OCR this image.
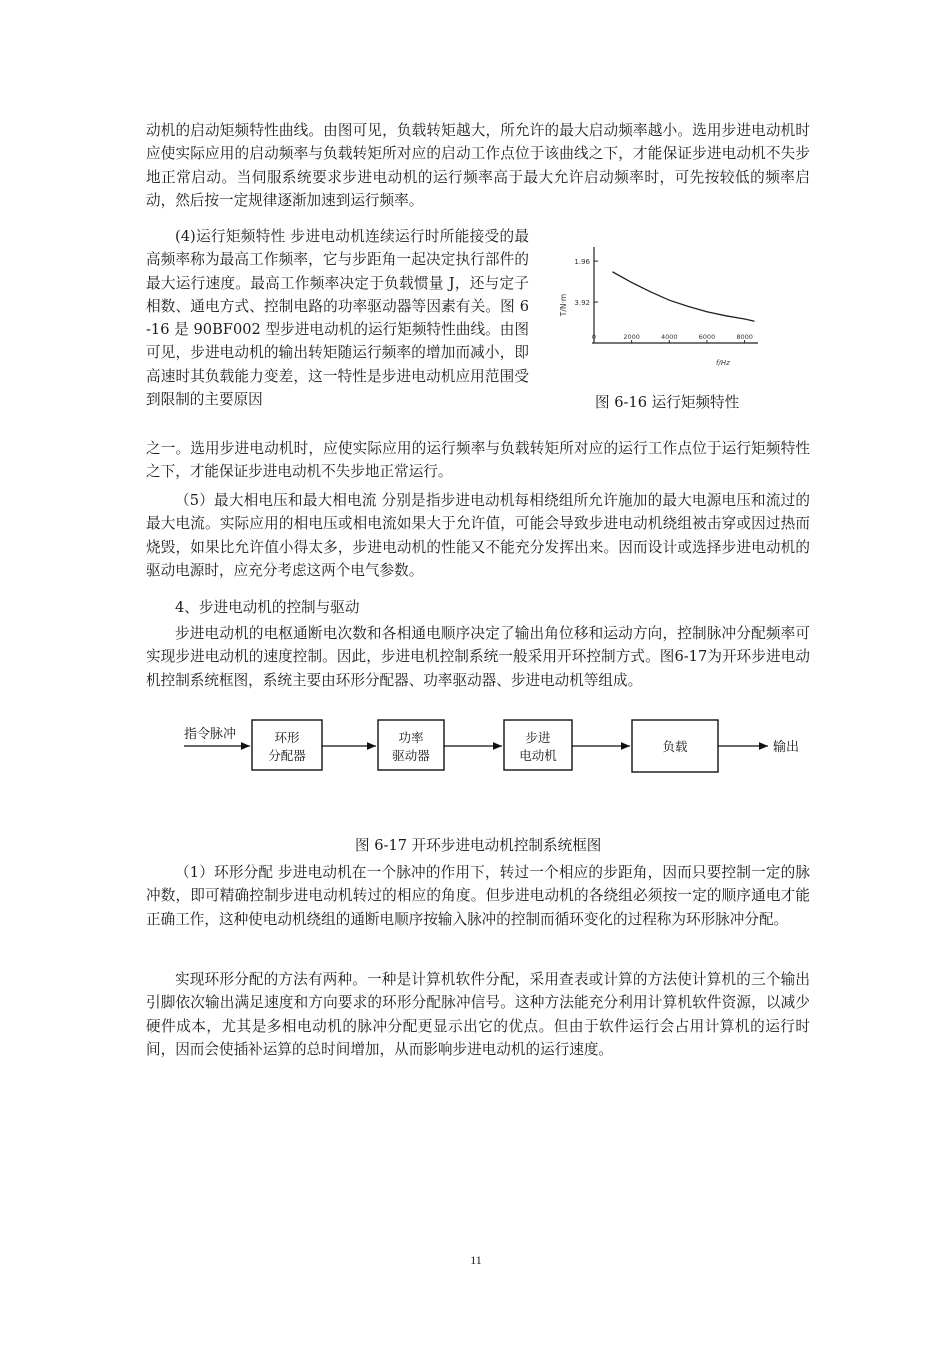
动机的启动矩频特性曲线。由图可见，负载转矩越大，所允许的最大启动频率越小。选用步进电动机时应使实际应用的启动频率与负载转矩所对应的启动工作点位于该曲线之下，才能保证步进电动机不失步地正常启动。当伺服系统要求步进电动机的运行频率高于最大允许启动频率时，可先按较低的频率启动，然后按一定规律逐渐加速到运行频率。

(4)运行矩频特性 步进电动机连续运行时所能接受的最高频率称为最高工作频率，它与步距角一起决定执行部件的最大运行速度。最高工作频率决定于负载惯量 J，还与定子相数、通电方式、控制电路的功率驱动器等因素有关。图 6-16 是 90BF002 型步进电动机的运行矩频特性曲线。由图可见，步进电动机的输出转矩随运行频率的增加而减小，即高速时其负载能力变差，这一特性是步进电动机应用范围受到限制的主要原因

3.92
1.96
0	2000	4000	6000	8000
T/N·m
f/Hz

图 6-16 运行矩频特性

之一。选用步进电动机时，应使实际应用的运行频率与负载转矩所对应的运行工作点位于运行矩频特性之下，才能保证步进电动机不失步地正常运行。

（5）最大相电压和最大相电流 分别是指步进电动机每相绕组所允许施加的最大电源电压和流过的最大电流。实际应用的相电压或相电流如果大于允许值，可能会导致步进电动机绕组被击穿或因过热而烧毁，如果比允许值小得太多，步进电动机的性能又不能充分发挥出来。因而设计或选择步进电动机的驱动电源时，应充分考虑这两个电气参数。

4、步进电动机的控制与驱动

步进电动机的电枢通断电次数和各相通电顺序决定了输出角位移和运动方向，控制脉冲分配频率可实现步进电动机的速度控制。因此，步进电机控制系统一般采用开环控制方式。图6-17为开环步进电动机控制系统框图，系统主要由环形分配器、功率驱动器、步进电动机等组成。

指令脉冲	环形
分配器
功率
驱动器
步进
电动机
负载	输出

图 6-17 开环步进电动机控制系统框图

（1）环形分配 步进电动机在一个脉冲的作用下，转过一个相应的步距角，因而只要控制一定的脉冲数，即可精确控制步进电动机转过的相应的角度。但步进电动机的各绕组必须按一定的顺序通电才能正确工作，这种使电动机绕组的通断电顺序按输入脉冲的控制而循环变化的过程称为环形脉冲分配。

实现环形分配的方法有两种。一种是计算机软件分配，采用查表或计算的方法使计算机的三个输出引脚依次输出满足速度和方向要求的环形分配脉冲信号。这种方法能充分利用计算机软件资源，以减少硬件成本，尤其是多相电动机的脉冲分配更显示出它的优点。但由于软件运行会占用计算机的运行时间，因而会使插补运算的总时间增加，从而影响步进电动机的运行速度。

11
